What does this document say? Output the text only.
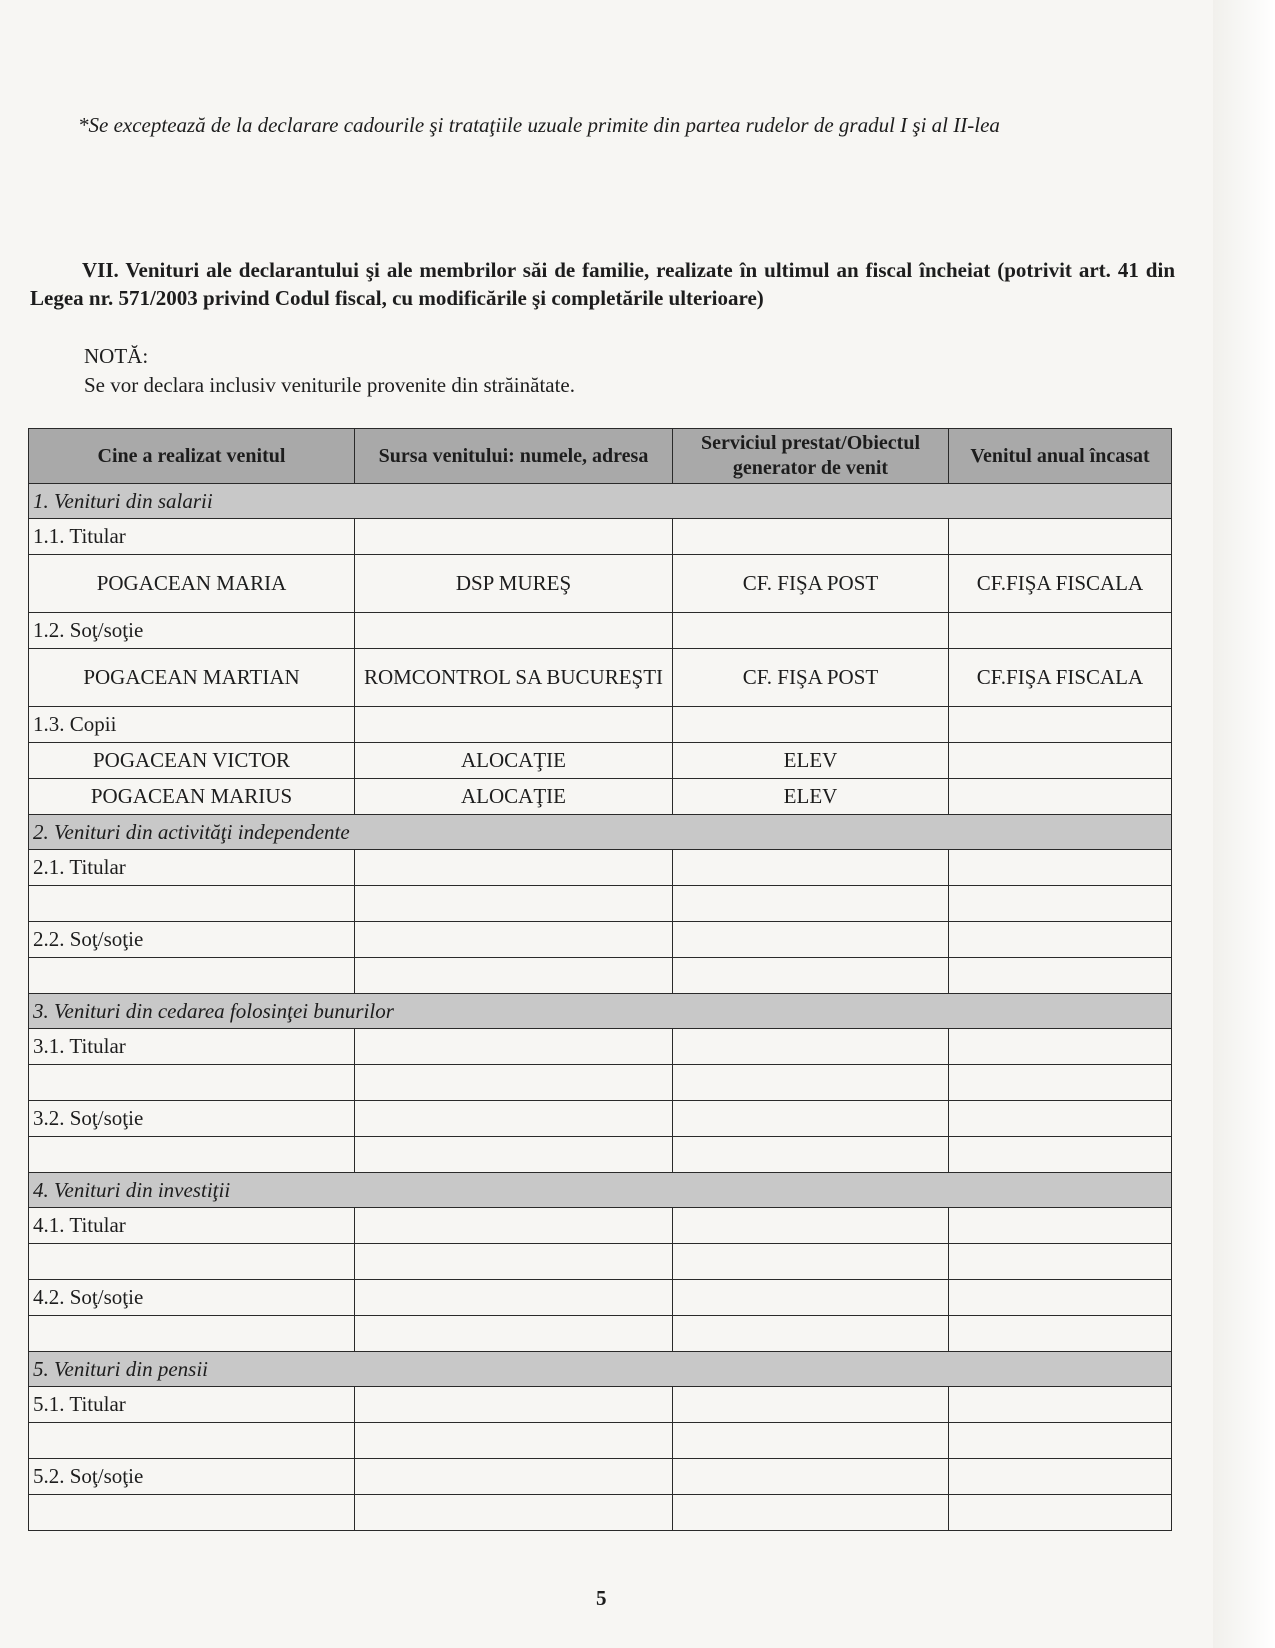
*Se exceptează de la declarare cadourile şi trataţiile uzuale primite din partea rudelor de gradul I şi al II-lea
VII. Venituri ale declarantului şi ale membrilor săi de familie, realizate în ultimul an fiscal încheiat (potrivit art. 41 din Legea nr. 571/2003 privind Codul fiscal, cu modificările şi completările ulterioare)
NOTĂ:
Se vor declara inclusiv veniturile provenite din străinătate.
Cine a realizat venitul	Sursa venitului: numele, adresa	Serviciul prestat/Obiectul generator de venit	Venitul anual încasat
1. Venituri din salarii			
1.1. Titular			
POGACEAN MARIA	DSP MUREŞ	CF. FIŞA POST	CF.FIŞA FISCALA
1.2. Soţ/soţie			
POGACEAN MARTIAN	ROMCONTROL SA BUCUREŞTI	CF. FIŞA POST	CF.FIŞA FISCALA
1.3. Copii			
POGACEAN VICTOR	ALOCAŢIE	ELEV	
POGACEAN MARIUS	ALOCAŢIE	ELEV	
2. Venituri din activităţi independente			
2.1. Titular			

2.2. Soţ/soţie			

3. Venituri din cedarea folosinţei bunurilor			
3.1. Titular			

3.2. Soţ/soţie			

4. Venituri din investiţii			
4.1. Titular			

4.2. Soţ/soţie			

5. Venituri din pensii			
5.1. Titular			

5.2. Soţ/soţie			

5
